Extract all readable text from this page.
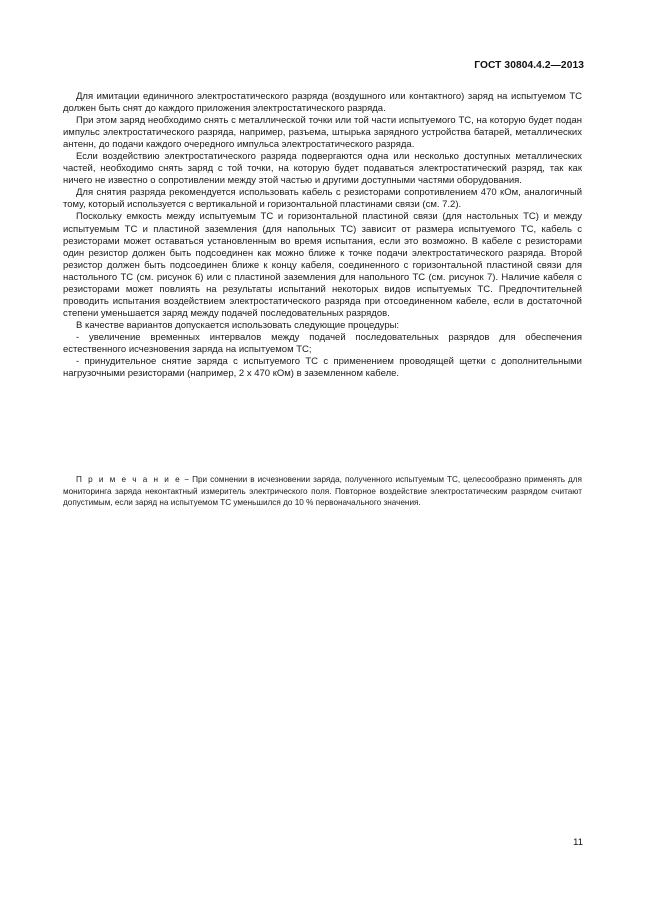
ГОСТ 30804.4.2—2013

Для имитации единичного электростатического разряда (воздушного или контактного) заряд на испытуемом ТС должен быть снят до каждого приложения электростатического разряда.

При этом заряд необходимо снять с металлической точки или той части испытуемого ТС, на которую будет подан импульс электростатического разряда, например, разъема, штырька зарядного устройства батарей, металлических антенн, до подачи каждого очередного импульса электростатического разряда.

Если воздействию электростатического разряда подвергаются одна или несколько доступных металлических частей, необходимо снять заряд с той точки, на которую будет подаваться электростатический разряд, так как ничего не известно о сопротивлении между этой частью и другими доступными частями оборудования.

Для снятия разряда рекомендуется использовать кабель с резисторами сопротивлением 470 кОм, аналогичный тому, который используется с вертикальной и горизонтальной пластинами связи (см. 7.2).

Поскольку емкость между испытуемым ТС и горизонтальной пластиной связи (для настольных ТС) и между испытуемым ТС и пластиной заземления (для напольных ТС) зависит от размера испытуемого ТС, кабель с резисторами может оставаться установленным во время испытания, если это возможно. В кабеле с резисторами один резистор должен быть подсоединен как можно ближе к точке подачи электростатического разряда. Второй резистор должен быть подсоединен ближе к концу кабеля, соединенного с горизонтальной пластиной связи для настольного ТС (см. рисунок 6) или с пластиной заземления для напольного ТС (см. рисунок 7). Наличие кабеля с резисторами может повлиять на результаты испытаний некоторых видов испытуемых ТС. Предпочтительней проводить испытания воздействием электростатического разряда при отсоединенном кабеле, если в достаточной степени уменьшается заряд между подачей последовательных разрядов.

В качестве вариантов допускается использовать следующие процедуры:

- увеличение временных интервалов между подачей последовательных разрядов для обеспечения естественного исчезновения заряда на испытуемом ТС;

- принудительное снятие заряда с испытуемого ТС с применением проводящей щетки с дополнительными нагрузочными резисторами (например, 2 x 470 кОм) в заземленном кабеле.

П р и м е ч а н и е − При сомнении в исчезновении заряда, полученного испытуемым ТС, целесообразно применять для мониторинга заряда неконтактный измеритель электрического поля. Повторное воздействие электростатическим разрядом считают допустимым, если заряд на испытуемом ТС уменьшился до 10 % первоначального значения.

11
